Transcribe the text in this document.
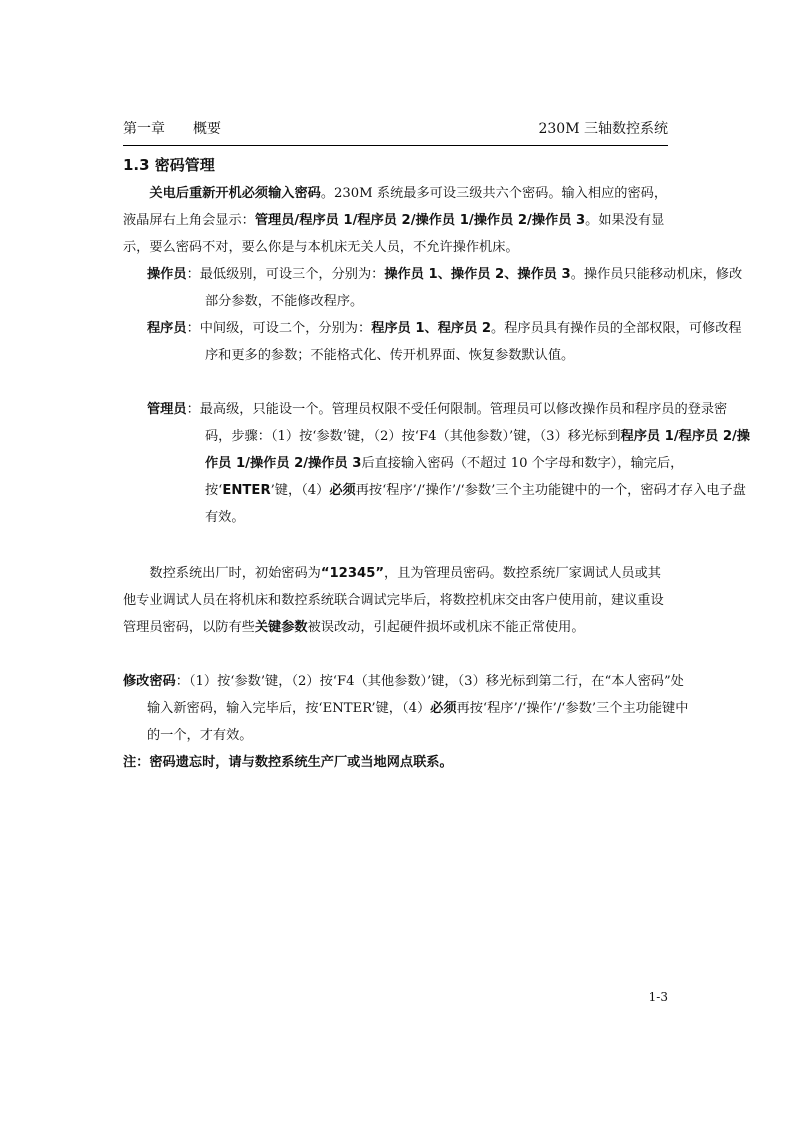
第一章 概要	230M 三轴数控系统
1.3 密码管理

关电后重新开机必须输入密码。230M 系统最多可设三级共六个密码。输入相应的密码，液晶屏右上角会显示：管理员/程序员 1/程序员 2/操作员 1/操作员 2/操作员 3。如果没有显示，要么密码不对，要么你是与本机床无关人员，不允许操作机床。

操作员：最低级别，可设三个，分别为：操作员 1、操作员 2、操作员 3。操作员只能移动机床，修改部分参数，不能修改程序。

程序员：中间级，可设二个，分别为：程序员 1、程序员 2。程序员具有操作员的全部权限，可修改程序和更多的参数；不能格式化、传开机界面、恢复参数默认值。

管理员：最高级，只能设一个。管理员权限不受任何限制。管理员可以修改操作员和程序员的登录密码，步骤：（1）按‘参数’键，（2）按‘F4（其他参数）’键，（3）移光标到程序员 1/程序员 2/操作员 1/操作员 2/操作员 3后直接输入密码（不超过 10 个字母和数字），输完后，按‘ENTER’键，（4）必须再按‘程序’/‘操作’/‘参数’三个主功能键中的一个，密码才存入电子盘有效。

数控系统出厂时，初始密码为“12345”，且为管理员密码。数控系统厂家调试人员或其他专业调试人员在将机床和数控系统联合调试完毕后，将数控机床交由客户使用前，建议重设管理员密码，以防有些关键参数被误改动，引起硬件损坏或机床不能正常使用。

修改密码：（1）按‘参数’键，（2）按‘F4（其他参数）’键，（3）移光标到第二行，在“本人密码”处输入新密码，输入完毕后，按‘ENTER’键，（4）必须再按‘程序’/‘操作’/‘参数’三个主功能键中的一个，才有效。

注：密码遗忘时，请与数控系统生产厂或当地网点联系。

1-3
